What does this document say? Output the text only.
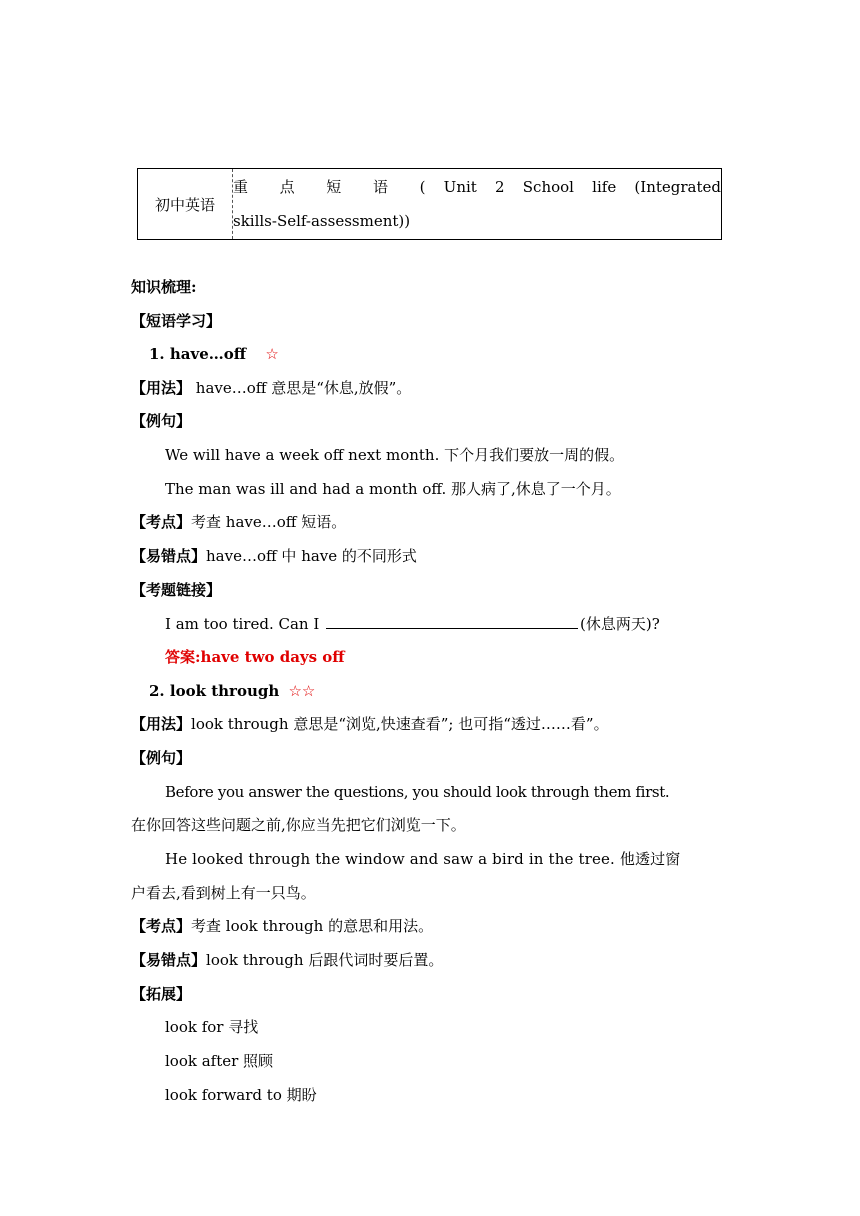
初中英语	重 点 短 语 ( Unit 2 School life (Integrated
skills-Self-assessment))
知识梳理:
【短语学习】
1. have…off ☆
【用法】 have…off 意思是“休息,放假”。
【例句】
We will have a week off next month. 下个月我们要放一周的假。
The man was ill and had a month off. 那人病了,休息了一个月。
【考点】考查 have…off 短语。
【易错点】have…off 中 have 的不同形式
【考题链接】
I am too tired. Can I	(休息两天)?
答案:have two days off
2. look through ☆☆
【用法】look through 意思是“浏览,快速查看”; 也可指“透过……看”。
【例句】
Before you answer the questions, you should look through them first.
在你回答这些问题之前,你应当先把它们浏览一下。
He looked through the window and saw a bird in the tree. 他透过窗
户看去,看到树上有一只鸟。
【考点】考查 look through 的意思和用法。
【易错点】look through 后跟代词时要后置。
【拓展】
look for 寻找
look after 照顾
look forward to 期盼
